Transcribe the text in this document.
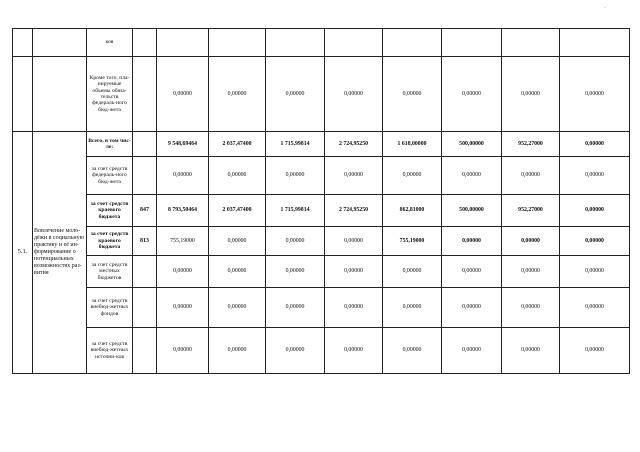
-
		ков									
		Кроме того, пла-нируемые объемы обяза-тельств федераль-ного бюд-жета		0,00000	0,00000	0,00000	0,00000	0,00000	0,00000	0,00000	0,00000
5.1.	Вовлечение моло-дёжи в социальную практику и её ин-формирование о потенциальных возможностях раз-вития	Всего, в том чис-ле:		9 548,69464	2 037,47400	1 715,99814	2 724,95250	1 618,00000	500,00000	952,27000	0,00000
		за счет средств федераль-ного бюд-жета		0,00000	0,00000	0,00000	0,00000	0,00000	0,00000	0,00000	0,00000
		за счет средств краевого бюджета	847	8 793,50464	2 037,47400	1 715,99814	2 724,95250	862,81000	500,00000	952,27000	0,00000
		за счет средств краевого бюджета	813	755,19000	0,00000	0,00000	0,00000	755,19000	0,00000	0,00000	0,00000
		за счет средств местных бюджетов		0,00000	0,00000	0,00000	0,00000	0,00000	0,00000	0,00000	0,00000
		за счет средств внебюд-жетных фондов		0,00000	0,00000	0,00000	0,00000	0,00000	0,00000	0,00000	0,00000
		за счет средств внебюд-жетных источни-ков		0,00000	0,00000	0,00000	0,00000	0,00000	0,00000	0,00000	0,00000
